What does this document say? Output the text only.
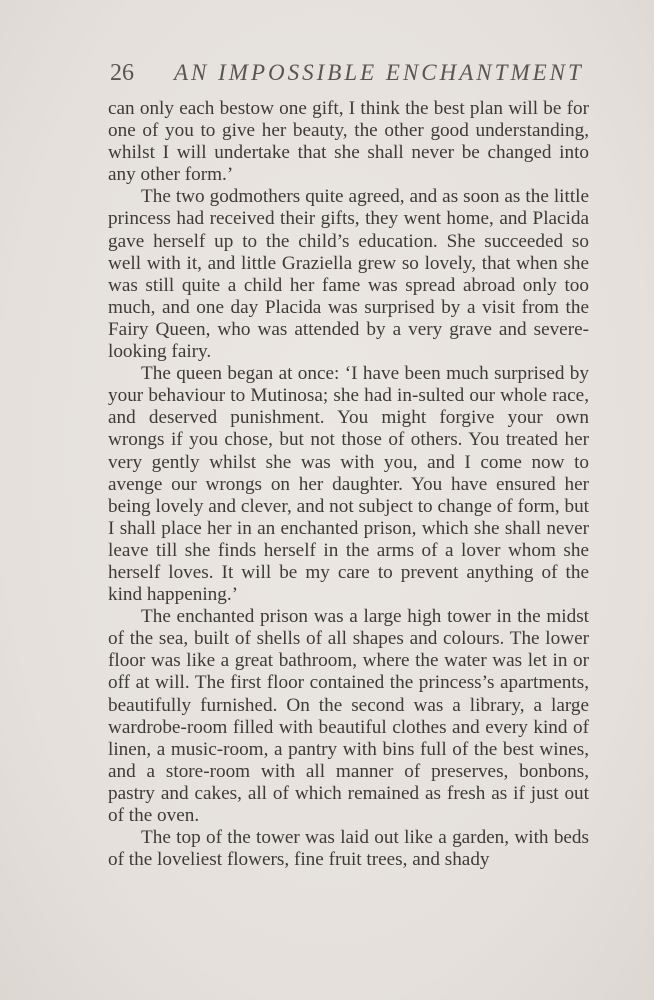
26 AN IMPOSSIBLE ENCHANTMENT

can only each bestow one gift, I think the best plan will be for one of you to give her beauty, the other good understanding, whilst I will undertake that she shall never be changed into any other form.’

The two godmothers quite agreed, and as soon as the little princess had received their gifts, they went home, and Placida gave herself up to the child’s education. She succeeded so well with it, and little Graziella grew so lovely, that when she was still quite a child her fame was spread abroad only too much, and one day Placida was surprised by a visit from the Fairy Queen, who was attended by a very grave and severe-looking fairy.

The queen began at once: ‘I have been much surprised by your behaviour to Mutinosa; she had in-sulted our whole race, and deserved punishment. You might forgive your own wrongs if you chose, but not those of others. You treated her very gently whilst she was with you, and I come now to avenge our wrongs on her daughter. You have ensured her being lovely and clever, and not subject to change of form, but I shall place her in an enchanted prison, which she shall never leave till she finds herself in the arms of a lover whom she herself loves. It will be my care to prevent anything of the kind happening.’

The enchanted prison was a large high tower in the midst of the sea, built of shells of all shapes and colours. The lower floor was like a great bathroom, where the water was let in or off at will. The first floor contained the princess’s apartments, beautifully furnished. On the second was a library, a large wardrobe-room filled with beautiful clothes and every kind of linen, a music-room, a pantry with bins full of the best wines, and a store-room with all manner of preserves, bonbons, pastry and cakes, all of which remained as fresh as if just out of the oven.

The top of the tower was laid out like a garden, with beds of the loveliest flowers, fine fruit trees, and shady
